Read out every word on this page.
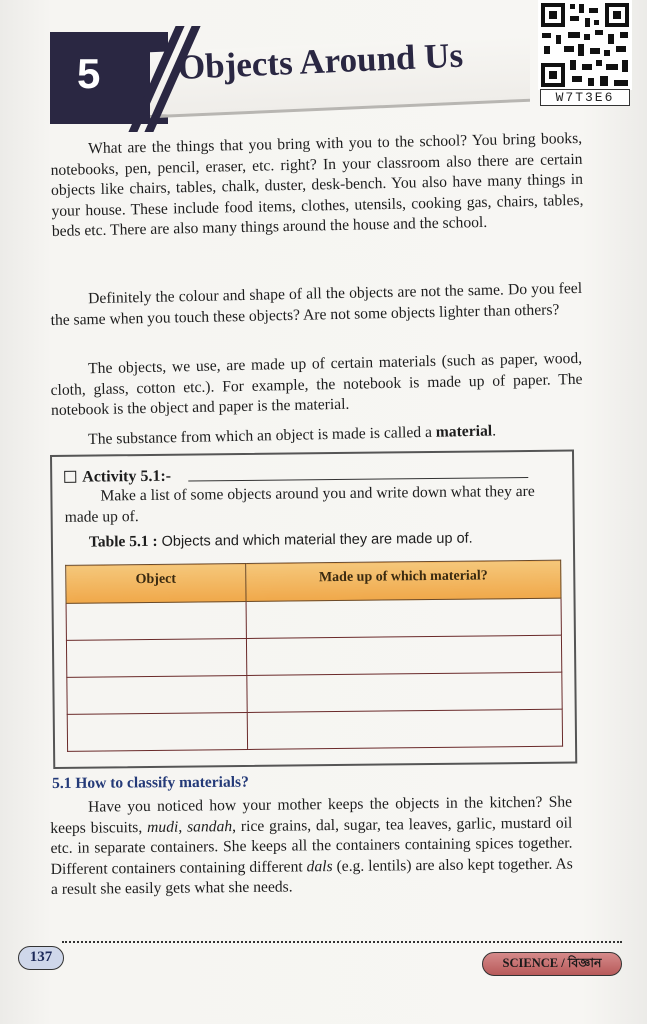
5 Objects Around Us
W7T3E6

What are the things that you bring with you to the school? You bring books, notebooks, pen, pencil, eraser, etc. right? In your classroom also there are certain objects like chairs, tables, chalk, duster, desk-bench. You also have many things in your house. These include food items, clothes, utensils, cooking gas, chairs, tables, beds etc. There are also many things around the house and the school.

Definitely the colour and shape of all the objects are not the same. Do you feel the same when you touch these objects? Are not some objects lighter than others?

The objects, we use, are made up of certain materials (such as paper, wood, cloth, glass, cotton etc.). For example, the notebook is made up of paper. The notebook is the object and paper is the material.

The substance from which an object is made is called a material.

Activity 5.1:-
Make a list of some objects around you and write down what they are made up of.
Table 5.1 : Objects and which material they are made up of.
Object	Made up of which material?

5.1 How to classify materials?

Have you noticed how your mother keeps the objects in the kitchen? She keeps biscuits, mudi, sandah, rice grains, dal, sugar, tea leaves, garlic, mustard oil etc. in separate containers. She keeps all the containers containing spices together. Different containers containing different dals (e.g. lentils) are also kept together. As a result she easily gets what she needs.

137	SCIENCE / বিজ্ঞান
